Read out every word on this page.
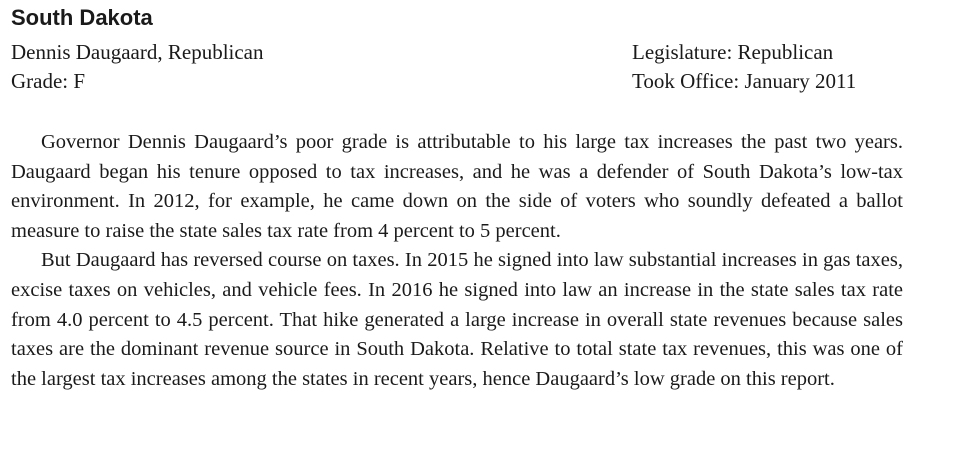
South Dakota
Dennis Daugaard, Republican
Grade: F
Legislature: Republican
Took Office: January 2011

Governor Dennis Daugaard’s poor grade is attributable to his large tax increases the past two years. Daugaard began his tenure opposed to tax increases, and he was a defender of South Dakota’s low-tax environment. In 2012, for example, he came down on the side of voters who soundly defeated a ballot measure to raise the state sales tax rate from 4 percent to 5 percent.

But Daugaard has reversed course on taxes. In 2015 he signed into law substantial increases in gas taxes, excise taxes on vehicles, and vehicle fees. In 2016 he signed into law an increase in the state sales tax rate from 4.0 percent to 4.5 percent. That hike generated a large increase in overall state revenues because sales taxes are the dominant revenue source in South Dakota. Relative to total state tax revenues, this was one of the largest tax increases among the states in recent years, hence Daugaard’s low grade on this report.
